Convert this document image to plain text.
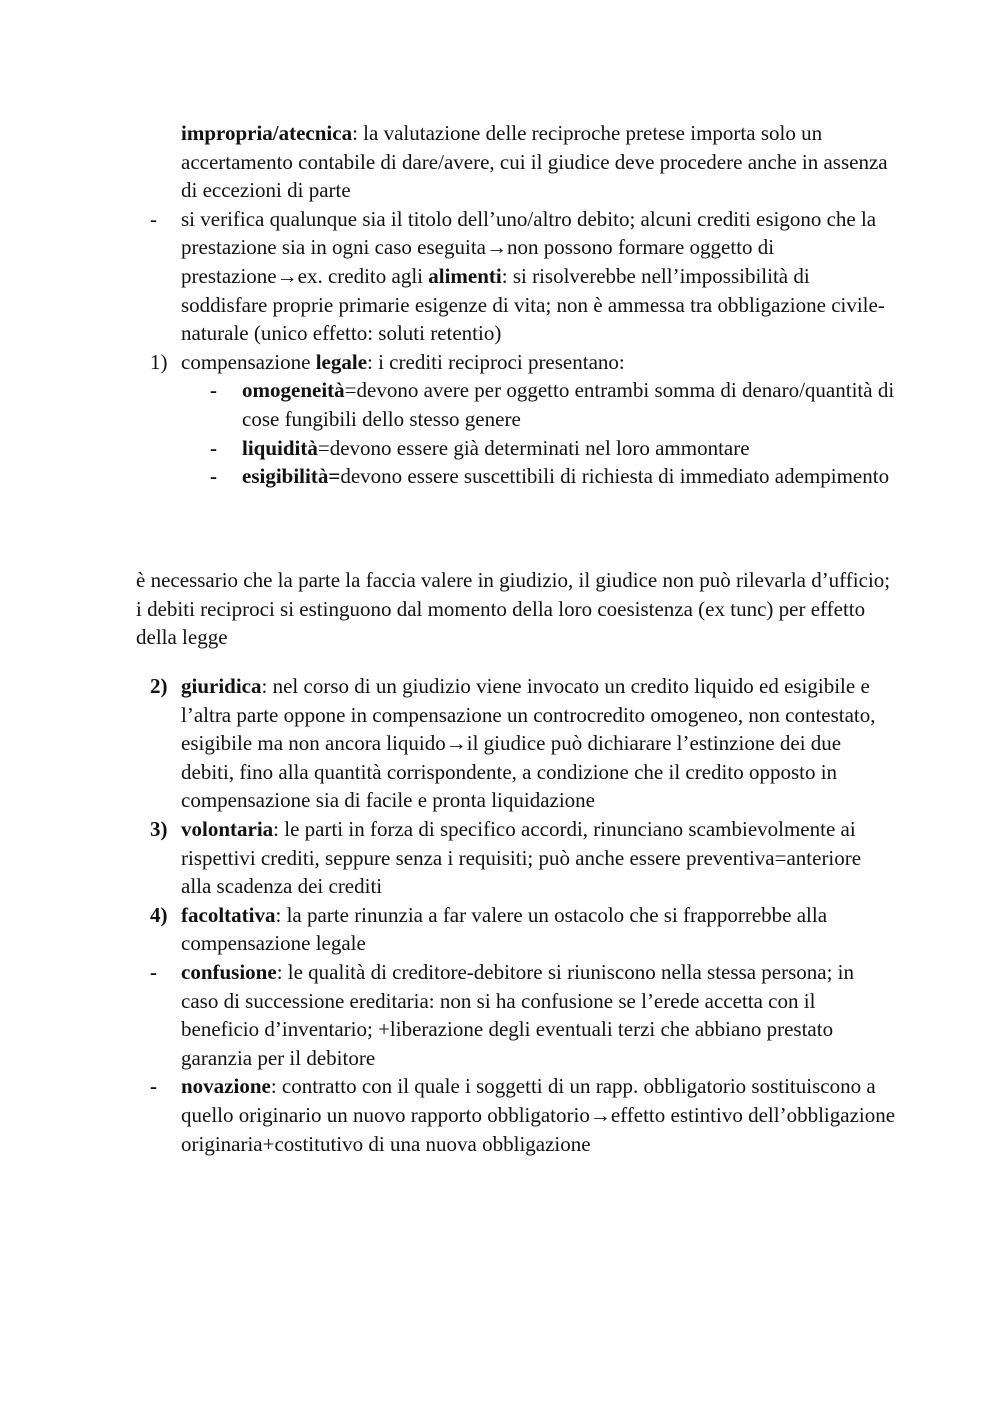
impropria/atecnica: la valutazione delle reciproche pretese importa solo un accertamento contabile di dare/avere, cui il giudice deve procedere anche in assenza di eccezioni di parte
- si verifica qualunque sia il titolo dell’uno/altro debito; alcuni crediti esigono che la prestazione sia in ogni caso eseguita→non possono formare oggetto di prestazione→ex. credito agli alimenti: si risolverebbe nell’impossibilità di soddisfare proprie primarie esigenze di vita; non è ammessa tra obbligazione civile-naturale (unico effetto: soluti retentio)
1) compensazione legale: i crediti reciproci presentano:
- omogeneità=devono avere per oggetto entrambi somma di denaro/quantità di cose fungibili dello stesso genere
- liquidità=devono essere già determinati nel loro ammontare
- esigibilità=devono essere suscettibili di richiesta di immediato adempimento

è necessario che la parte la faccia valere in giudizio, il giudice non può rilevarla d’ufficio; i debiti reciproci si estinguono dal momento della loro coesistenza (ex tunc) per effetto della legge

2) giuridica: nel corso di un giudizio viene invocato un credito liquido ed esigibile e l’altra parte oppone in compensazione un controcredito omogeneo, non contestato, esigibile ma non ancora liquido→il giudice può dichiarare l’estinzione dei due debiti, fino alla quantità corrispondente, a condizione che il credito opposto in compensazione sia di facile e pronta liquidazione
3) volontaria: le parti in forza di specifico accordi, rinunciano scambievolmente ai rispettivi crediti, seppure senza i requisiti; può anche essere preventiva=anteriore alla scadenza dei crediti
4) facoltativa: la parte rinunzia a far valere un ostacolo che si frapporrebbe alla compensazione legale
- confusione: le qualità di creditore-debitore si riuniscono nella stessa persona; in caso di successione ereditaria: non si ha confusione se l’erede accetta con il beneficio d’inventario; +liberazione degli eventuali terzi che abbiano prestato garanzia per il debitore
- novazione: contratto con il quale i soggetti di un rapp. obbligatorio sostituiscono a quello originario un nuovo rapporto obbligatorio→effetto estintivo dell’obbligazione originaria+costitutivo di una nuova obbligazione
